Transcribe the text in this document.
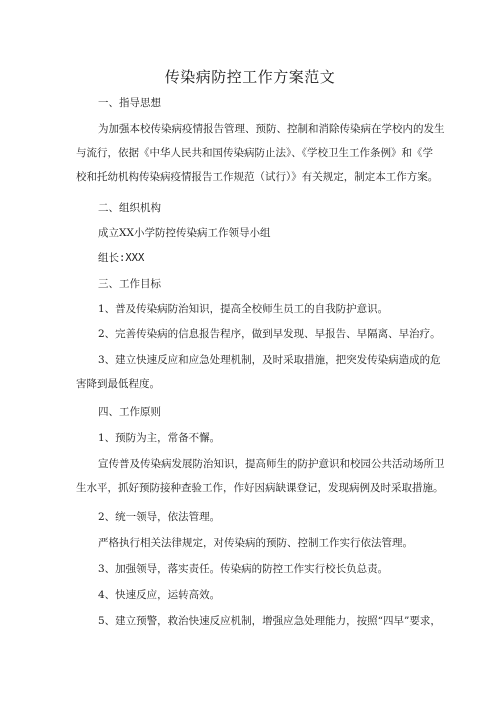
传染病防控工作方案范文
一、指导思想
为加强本校传染病疫情报告管理、预防、控制和消除传染病在学校内的发生
与流行，依据《中华人民共和国传染病防止法》、《学校卫生工作条例》和《学
校和托幼机构传染病疫情报告工作规范（试行）》有关规定，制定本工作方案。
二、组织机构
成立XX小学防控传染病工作领导小组
组长:XXX
三、工作目标
1、普及传染病防治知识，提高全校师生员工的自我防护意识。
2、完善传染病的信息报告程序，做到早发现、早报告、早隔离、早治疗。
3、建立快速反应和应急处理机制，及时采取措施，把突发传染病造成的危
害降到最低程度。
四、工作原则
1、预防为主，常备不懈。
宣传普及传染病发展防治知识，提高师生的防护意识和校园公共活动场所卫
生水平，抓好预防接种查验工作，作好因病缺课登记，发现病例及时采取措施。
2、统一领导，依法管理。
严格执行相关法律规定，对传染病的预防、控制工作实行依法管理。
3、加强领导，落实责任。传染病的防控工作实行校长负总责。
4、快速反应，运转高效。
5、建立预警，救治快速反应机制，增强应急处理能力，按照“四早”要求，
